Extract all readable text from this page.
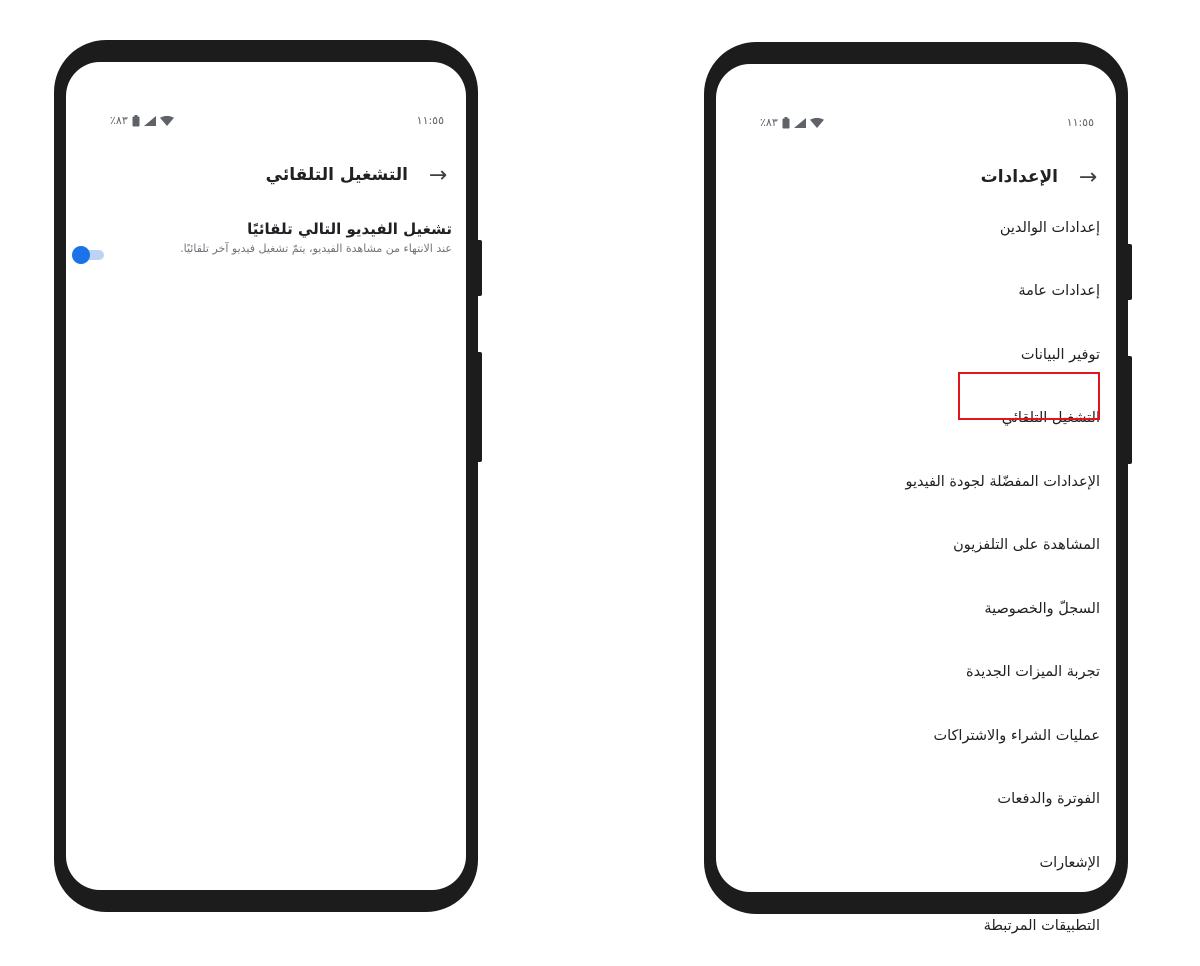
٪٨٣	١١:٥٥
→
التشغيل التلقائي
تشغيل الفيديو التالي تلقائيًا
عند الانتهاء من مشاهدة الفيديو، يتمّ تشغيل فيديو آخر تلقائيًا.
٪٨٣	١١:٥٥
→
الإعدادات
إعدادات الوالدين
إعدادات عامة
توفير البيانات
التشغيل التلقائي
الإعدادات المفضّلة لجودة الفيديو
المشاهدة على التلفزيون
السجلّ والخصوصية
تجربة الميزات الجديدة
عمليات الشراء والاشتراكات
الفوترة والدفعات
الإشعارات
التطبيقات المرتبطة
